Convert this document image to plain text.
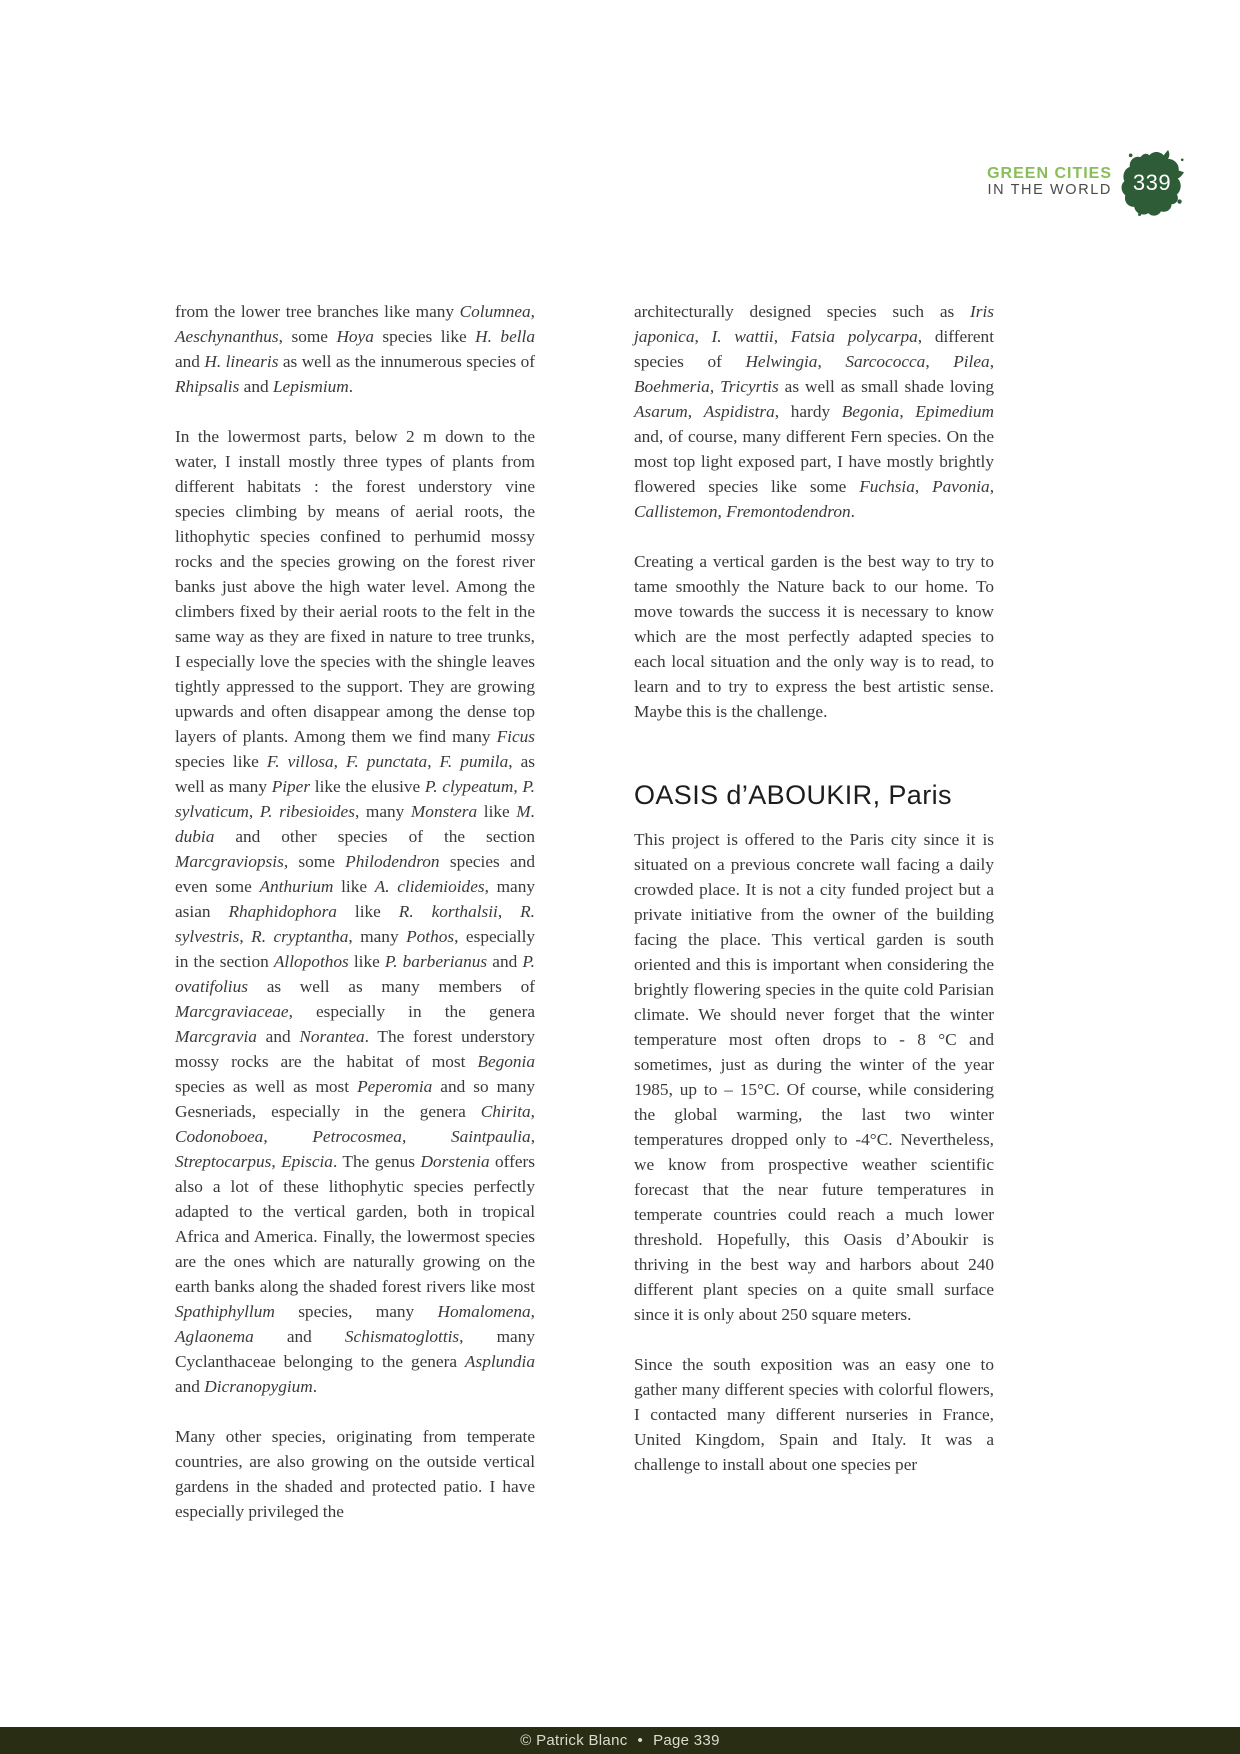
GREEN CITIES
IN THE WORLD 339

from the lower tree branches like many Columnea, Aeschynanthus, some Hoya species like H. bella and H. linearis as well as the innumerous species of Rhipsalis and Lepismium.

In the lowermost parts, below 2 m down to the water, I install mostly three types of plants from different habitats : the forest understory vine species climbing by means of aerial roots, the lithophytic species confined to perhumid mossy rocks and the species growing on the forest river banks just above the high water level. Among the climbers fixed by their aerial roots to the felt in the same way as they are fixed in nature to tree trunks, I especially love the species with the shingle leaves tightly appressed to the support. They are growing upwards and often disappear among the dense top layers of plants. Among them we find many Ficus species like F. villosa, F. punctata, F. pumila, as well as many Piper like the elusive P. clypeatum, P. sylvaticum, P. ribesioides, many Monstera like M. dubia and other species of the section Marcgraviopsis, some Philodendron species and even some Anthurium like A. clidemioides, many asian Rhaphidophora like R. korthalsii, R. sylvestris, R. cryptantha, many Pothos, especially in the section Allopothos like P. barberianus and P. ovatifolius as well as many members of Marcgraviaceae, especially in the genera Marcgravia and Norantea. The forest understory mossy rocks are the habitat of most Begonia species as well as most Peperomia and so many Gesneriads, especially in the genera Chirita, Codonoboea, Petrocosmea, Saintpaulia, Streptocarpus, Episcia. The genus Dorstenia offers also a lot of these lithophytic species perfectly adapted to the vertical garden, both in tropical Africa and America. Finally, the lowermost species are the ones which are naturally growing on the earth banks along the shaded forest rivers like most Spathiphyllum species, many Homalomena, Aglaonema and Schismatoglottis, many Cyclanthaceae belonging to the genera Asplundia and Dicranopygium.

Many other species, originating from temperate countries, are also growing on the outside vertical gardens in the shaded and protected patio. I have especially privileged the

architecturally designed species such as Iris japonica, I. wattii, Fatsia polycarpa, different species of Helwingia, Sarcococca, Pilea, Boehmeria, Tricyrtis as well as small shade loving Asarum, Aspidistra, hardy Begonia, Epimedium and, of course, many different Fern species. On the most top light exposed part, I have mostly brightly flowered species like some Fuchsia, Pavonia, Callistemon, Fremontodendron.

Creating a vertical garden is the best way to try to tame smoothly the Nature back to our home. To move towards the success it is necessary to know which are the most perfectly adapted species to each local situation and the only way is to read, to learn and to try to express the best artistic sense. Maybe this is the challenge.

OASIS d’ABOUKIR, Paris

This project is offered to the Paris city since it is situated on a previous concrete wall facing a daily crowded place. It is not a city funded project but a private initiative from the owner of the building facing the place. This vertical garden is south oriented and this is important when considering the brightly flowering species in the quite cold Parisian climate. We should never forget that the winter temperature most often drops to - 8 °C and sometimes, just as during the winter of the year 1985, up to – 15°C. Of course, while considering the global warming, the last two winter temperatures dropped only to -4°C. Nevertheless, we know from prospective weather scientific forecast that the near future temperatures in temperate countries could reach a much lower threshold. Hopefully, this Oasis d’Aboukir is thriving in the best way and harbors about 240 different plant species on a quite small surface since it is only about 250 square meters.

Since the south exposition was an easy one to gather many different species with colorful flowers, I contacted many different nurseries in France, United Kingdom, Spain and Italy. It was a challenge to install about one species per

© Patrick Blanc • Page 339
